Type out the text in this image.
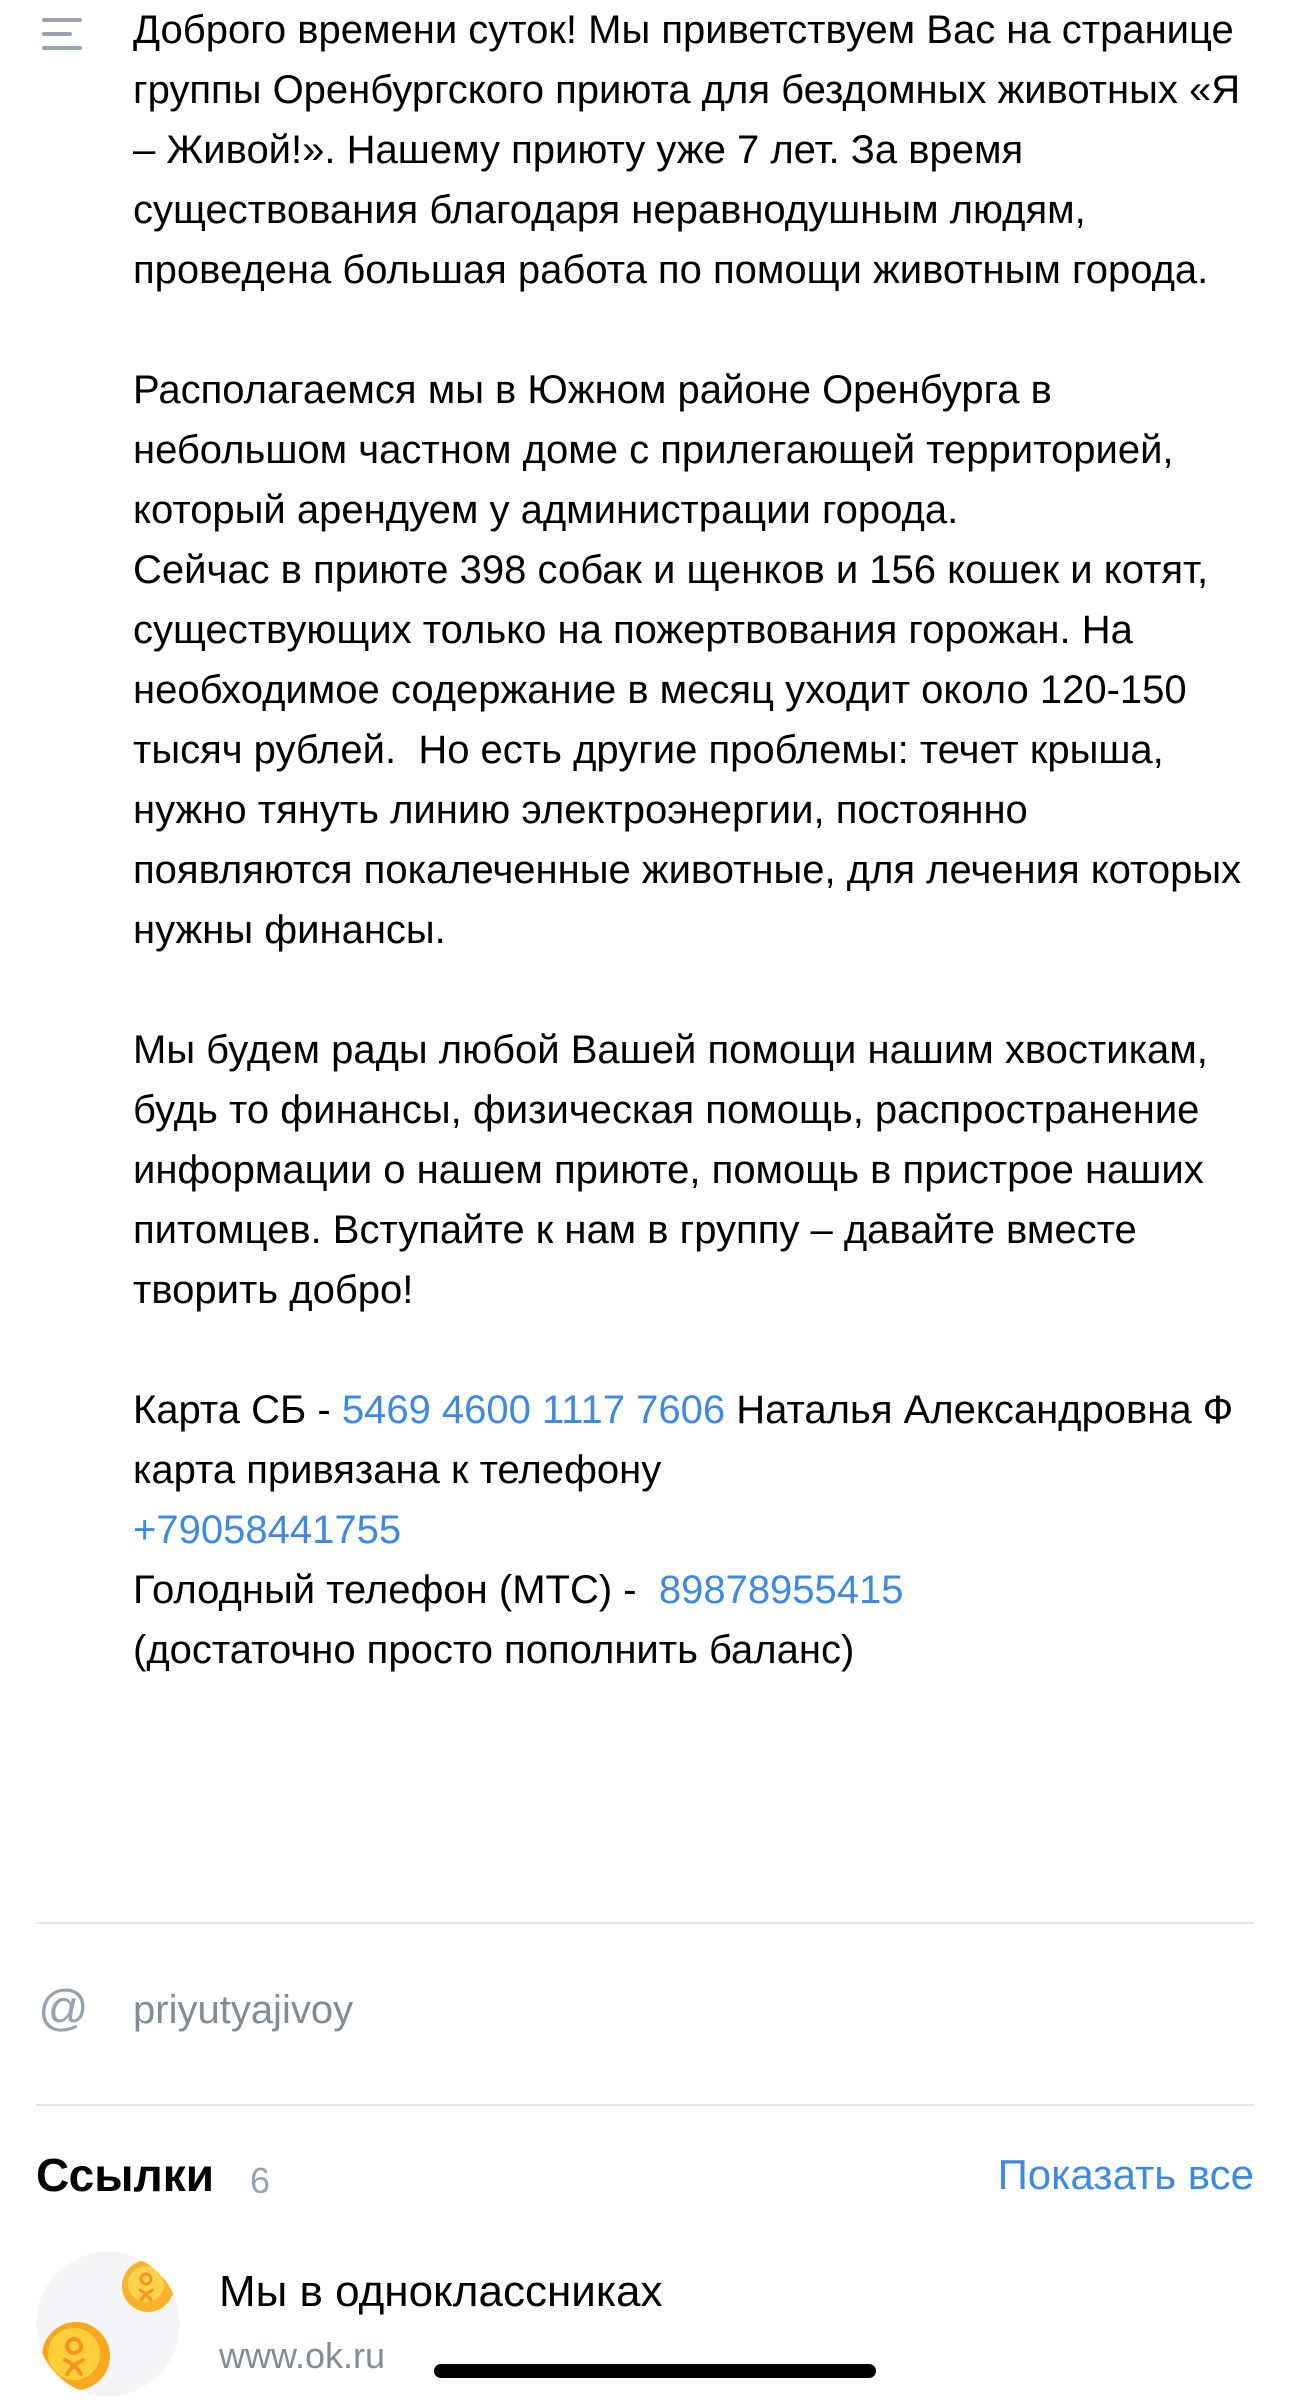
Доброго времени суток! Мы приветствуем Вас на странице группы Оренбургского приюта для бездомных животных «Я – Живой!». Нашему приюту уже 7 лет. За время существования благодаря неравнодушным людям, проведена большая работа по помощи животным города.

Располагаемся мы в Южном районе Оренбурга в небольшом частном доме с прилегающей территорией, который арендуем у администрации города.

Сейчас в приюте 398 собак и щенков и 156 кошек и котят, существующих только на пожертвования горожан. На необходимое содержание в месяц уходит около 120-150 тысяч рублей.  Но есть другие проблемы: течет крыша, нужно тянуть линию электроэнергии, постоянно появляются покалеченные животные, для лечения которых нужны финансы.

Мы будем рады любой Вашей помощи нашим хвостикам, будь то финансы, физическая помощь, распространение информации о нашем приюте, помощь в пристрое наших питомцев. Вступайте к нам в группу – давайте вместе творить добро!

Карта СБ - 5469 4600 1117 7606 Наталья Александровна Ф карта привязана к телефону
+79058441755

Голодный телефон (МТС) -  89878955415

(достаточно просто пополнить баланс)

@ priyutyajivoy
Ссылки 6	Показать все
Мы в одноклассниках
www.ok.ru
